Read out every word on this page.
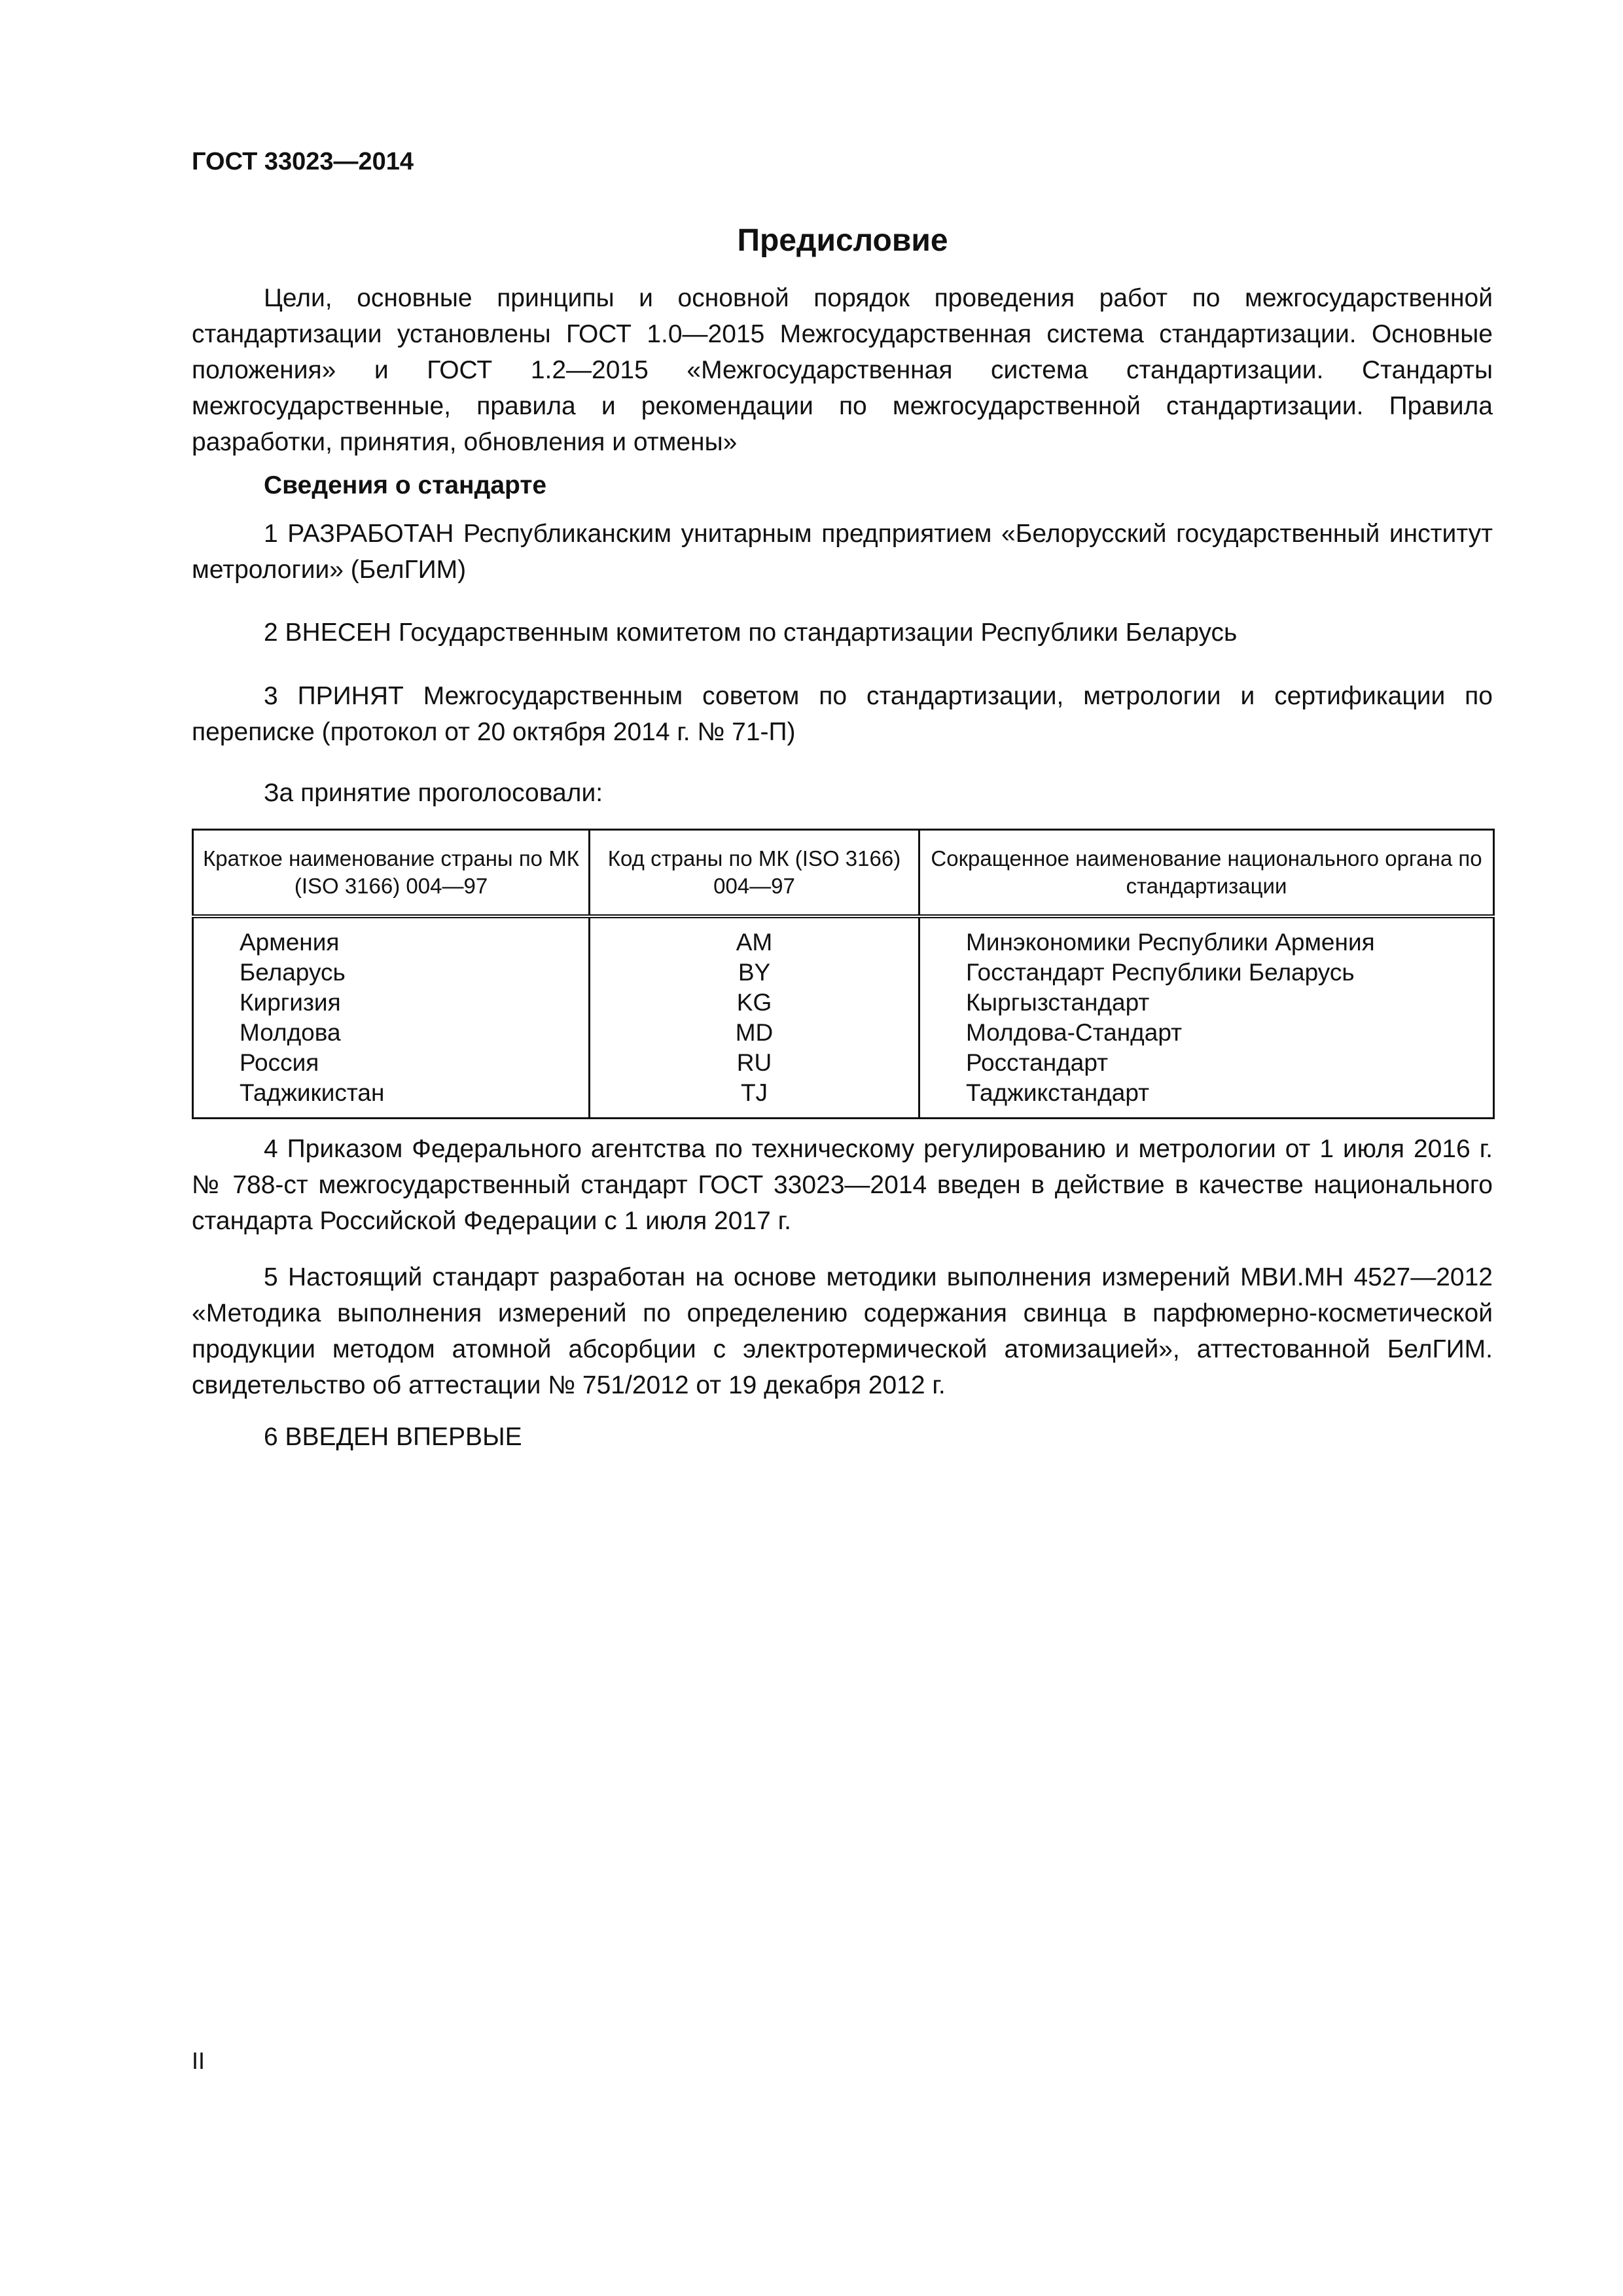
ГОСТ 33023—2014
Предисловие

Цели, основные принципы и основной порядок проведения работ по межгосударственной стандартизации установлены ГОСТ 1.0—2015 Межгосударственная система стандартизации. Основные положения» и ГОСТ 1.2—2015 «Межгосударственная система стандартизации. Стандарты межгосударственные, правила и рекомендации по межгосударственной стандартизации. Правила разработки, принятия, обновления и отмены»

Сведения о стандарте

1 РАЗРАБОТАН Республиканским унитарным предприятием «Белорусский государственный институт метрологии» (БелГИМ)

2 ВНЕСЕН Государственным комитетом по стандартизации Республики Беларусь

3 ПРИНЯТ Межгосударственным советом по стандартизации, метрологии и сертификации по переписке (протокол от 20 октября 2014 г. № 71-П)

За принятие проголосовали:
Краткое наименование страны по МК (ISO 3166) 004—97	Код страны по МК (ISO 3166) 004—97	Сокращенное наименование национального органа по стандартизации
Армения	AM	Минэкономики Республики Армения
Беларусь	BY	Госстандарт Республики Беларусь
Киргизия	KG	Кыргызстандарт
Молдова	MD	Молдова-Стандарт
Россия	RU	Росстандарт
Таджикистан	TJ	Таджикстандарт

4 Приказом Федерального агентства по техническому регулированию и метрологии от 1 июля 2016 г. № 788-ст межгосударственный стандарт ГОСТ 33023—2014 введен в действие в качестве национального стандарта Российской Федерации с 1 июля 2017 г.

5 Настоящий стандарт разработан на основе методики выполнения измерений МВИ.МН 4527—2012 «Методика выполнения измерений по определению содержания свинца в парфюмерно-косметической продукции методом атомной абсорбции с электротермической атомизацией», аттестованной БелГИМ. свидетельство об аттестации № 751/2012 от 19 декабря 2012 г.

6 ВВЕДЕН ВПЕРВЫЕ
II
